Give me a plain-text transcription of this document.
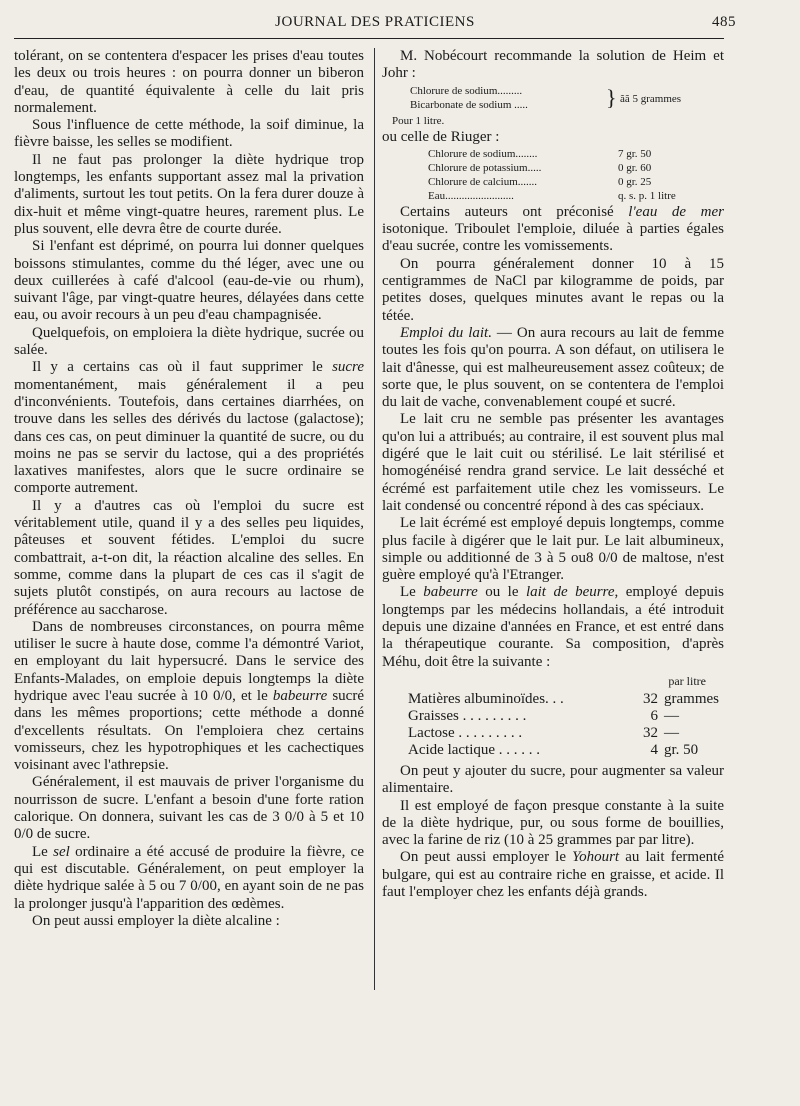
JOURNAL DES PRATICIENS	485

tolérant, on se contentera d'espacer les prises d'eau toutes les deux ou trois heures : on pourra donner un biberon d'eau, de quantité équivalente à celle du lait pris normalement.

Sous l'influence de cette méthode, la soif diminue, la fièvre baisse, les selles se modifient.

Il ne faut pas prolonger la diète hydrique trop longtemps, les enfants supportant assez mal la privation d'aliments, surtout les tout petits. On la fera durer douze à dix-huit et même vingt-quatre heures, rarement plus. Le plus souvent, elle devra être de courte durée.

Si l'enfant est déprimé, on pourra lui donner quelques boissons stimulantes, comme du thé léger, avec une ou deux cuillerées à café d'alcool (eau-de-vie ou rhum), suivant l'âge, par vingt-quatre heures, délayées dans cette eau, ou avoir recours à un peu d'eau champagnisée.

Quelquefois, on emploiera la diète hydrique, sucrée ou salée.

Il y a certains cas où il faut supprimer le sucre momentanément, mais généralement il a peu d'inconvénients. Toutefois, dans certaines diarrhées, on trouve dans les selles des dérivés du lactose (galactose); dans ces cas, on peut diminuer la quantité de sucre, ou du moins ne pas se servir du lactose, qui a des propriétés laxatives manifestes, alors que le sucre ordinaire se comporte autrement.

Il y a d'autres cas où l'emploi du sucre est véritablement utile, quand il y a des selles peu liquides, pâteuses et souvent fétides. L'emploi du sucre combattrait, a-t-on dit, la réaction alcaline des selles. En somme, comme dans la plupart de ces cas il s'agit de sujets plutôt constipés, on aura recours au lactose de préférence au saccharose.

Dans de nombreuses circonstances, on pourra même utiliser le sucre à haute dose, comme l'a démontré Variot, en employant du lait hypersucré. Dans le service des Enfants-Malades, on emploie depuis longtemps la diète hydrique avec l'eau sucrée à 10 0/0, et le babeurre sucré dans les mêmes proportions; cette méthode a donné d'excellents résultats. On l'emploiera chez certains vomisseurs, chez les hypotrophiques et les cachectiques voisinant avec l'athrepsie.

Généralement, il est mauvais de priver l'organisme du nourrisson de sucre. L'enfant a besoin d'une forte ration calorique. On donnera, suivant les cas de 3 0/0 à 5 et 10 0/0 de sucre.

Le sel ordinaire a été accusé de produire la fièvre, ce qui est discutable. Généralement, on peut employer la diète hydrique salée à 5 ou 7 0/00, en ayant soin de ne pas la prolonger jusqu'à l'apparition des œdèmes.

On peut aussi employer la diète alcaline :

M. Nobécourt recommande la solution de Heim et Johr :

Chlorure de sodium.........
Bicarbonate de sodium .....	} ãã 5 grammes
Pour 1 litre.

ou celle de Riuger :

Chlorure de sodium........	7 gr. 50
Chlorure de potassium.....	0 gr. 60
Chlorure de calcium.......	0 gr. 25
Eau.........................	q. s. p. 1 litre

Certains auteurs ont préconisé l'eau de mer isotonique. Triboulet l'emploie, diluée à parties égales d'eau sucrée, contre les vomissements.

On pourra généralement donner 10 à 15 centigrammes de NaCl par kilogramme de poids, par petites doses, quelques minutes avant le repas ou la tétée.

Emploi du lait. — On aura recours au lait de femme toutes les fois qu'on pourra. A son défaut, on utilisera le lait d'ânesse, qui est malheureusement assez coûteux; de sorte que, le plus souvent, on se contentera de l'emploi du lait de vache, convenablement coupé et sucré.

Le lait cru ne semble pas présenter les avantages qu'on lui a attribués; au contraire, il est souvent plus mal digéré que le lait cuit ou stérilisé. Le lait stérilisé et homogénéisé rendra grand service. Le lait desséché et écrémé est parfaitement utile chez les vomisseurs. Le lait condensé ou concentré répond à des cas spéciaux.

Le lait écrémé est employé depuis longtemps, comme plus facile à digérer que le lait pur. Le lait albumineux, simple ou additionné de 3 à 5 ou8 0/0 de maltose, n'est guère employé qu'à l'Etranger.

Le babeurre ou le lait de beurre, employé depuis longtemps par les médecins hollandais, a été introduit depuis une dizaine d'années en France, et est entré dans la thérapeutique courante. Sa composition, d'après Méhu, doit être la suivante :

par litre
Matières albuminoïdes. . .	32	grammes
Graisses . . . . . . . . .	6	—
Lactose . . . . . . . . .	32	—
Acide lactique . . . . . .	4	gr. 50

On peut y ajouter du sucre, pour augmenter sa valeur alimentaire.

Il est employé de façon presque constante à la suite de la diète hydrique, pur, ou sous forme de bouillies, avec la farine de riz (10 à 25 grammes par par litre).

On peut aussi employer le Yohourt au lait fermenté bulgare, qui est au contraire riche en graisse, et acide. Il faut l'employer chez les enfants déjà grands.
